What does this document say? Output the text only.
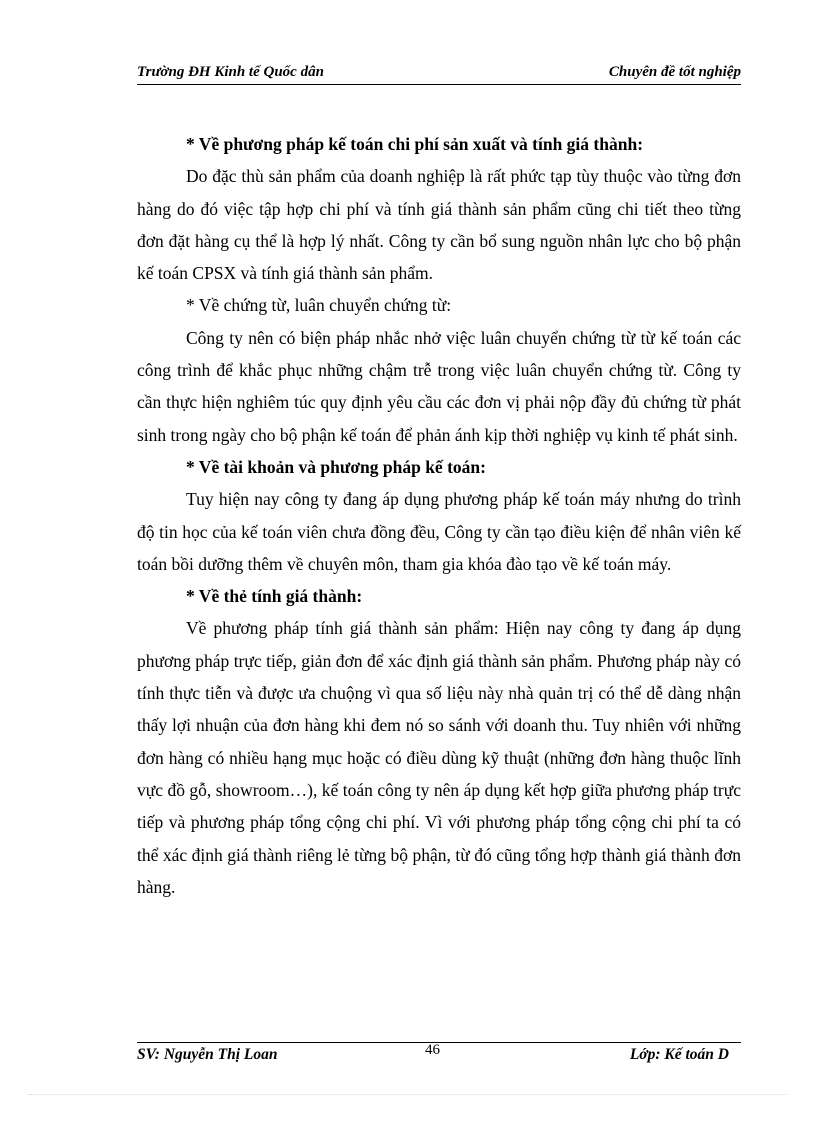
Trường ĐH Kinh tế Quốc dân	Chuyên đề tốt nghiệp

* Về phương pháp kế toán chi phí sản xuất và tính giá thành:

Do đặc thù sản phẩm của doanh nghiệp là rất phức tạp tùy thuộc vào từng đơn hàng do đó việc tập hợp chi phí và tính giá thành sản phẩm cũng chi tiết theo từng đơn đặt hàng cụ thể là hợp lý nhất. Công ty cần bổ sung nguồn nhân lực cho bộ phận kế toán CPSX và tính giá thành sản phẩm.

* Về chứng từ, luân chuyển chứng từ:

Công ty nên có biện pháp nhắc nhở việc luân chuyển chứng từ từ kế toán các công trình để khắc phục những chậm trễ trong việc luân chuyển chứng từ. Công ty cần thực hiện nghiêm túc quy định yêu cầu các đơn vị phải nộp đầy đủ chứng từ phát sinh trong ngày cho bộ phận kế toán để phản ánh kịp thời nghiệp vụ kinh tế phát sinh.

* Về tài khoản và phương pháp kế toán:

Tuy hiện nay công ty đang áp dụng phương pháp kế toán máy nhưng do trình độ tin học của kế toán viên chưa đồng đều, Công ty cần tạo điều kiện để nhân viên kế toán bồi dưỡng thêm về chuyên môn, tham gia khóa đào tạo về kế toán máy.

* Về thẻ tính giá thành:

Về phương pháp tính giá thành sản phẩm: Hiện nay công ty đang áp dụng phương pháp trực tiếp, giản đơn để xác định giá thành sản phẩm. Phương pháp này có tính thực tiễn và được ưa chuộng vì qua số liệu này nhà quản trị có thể dễ dàng nhận thấy lợi nhuận của đơn hàng khi đem nó so sánh với doanh thu. Tuy nhiên với những đơn hàng có nhiều hạng mục hoặc có điều dùng kỹ thuật (những đơn hàng thuộc lĩnh vực đồ gỗ, showroom…), kế toán công ty nên áp dụng kết hợp giữa phương pháp trực tiếp và phương pháp tổng cộng chi phí. Vì với phương pháp tổng cộng chi phí ta có thể xác định giá thành riêng lẻ từng bộ phận, từ đó cũng tổng hợp thành giá thành đơn hàng.

SV: Nguyễn Thị Loan	46	Lớp: Kế toán D
